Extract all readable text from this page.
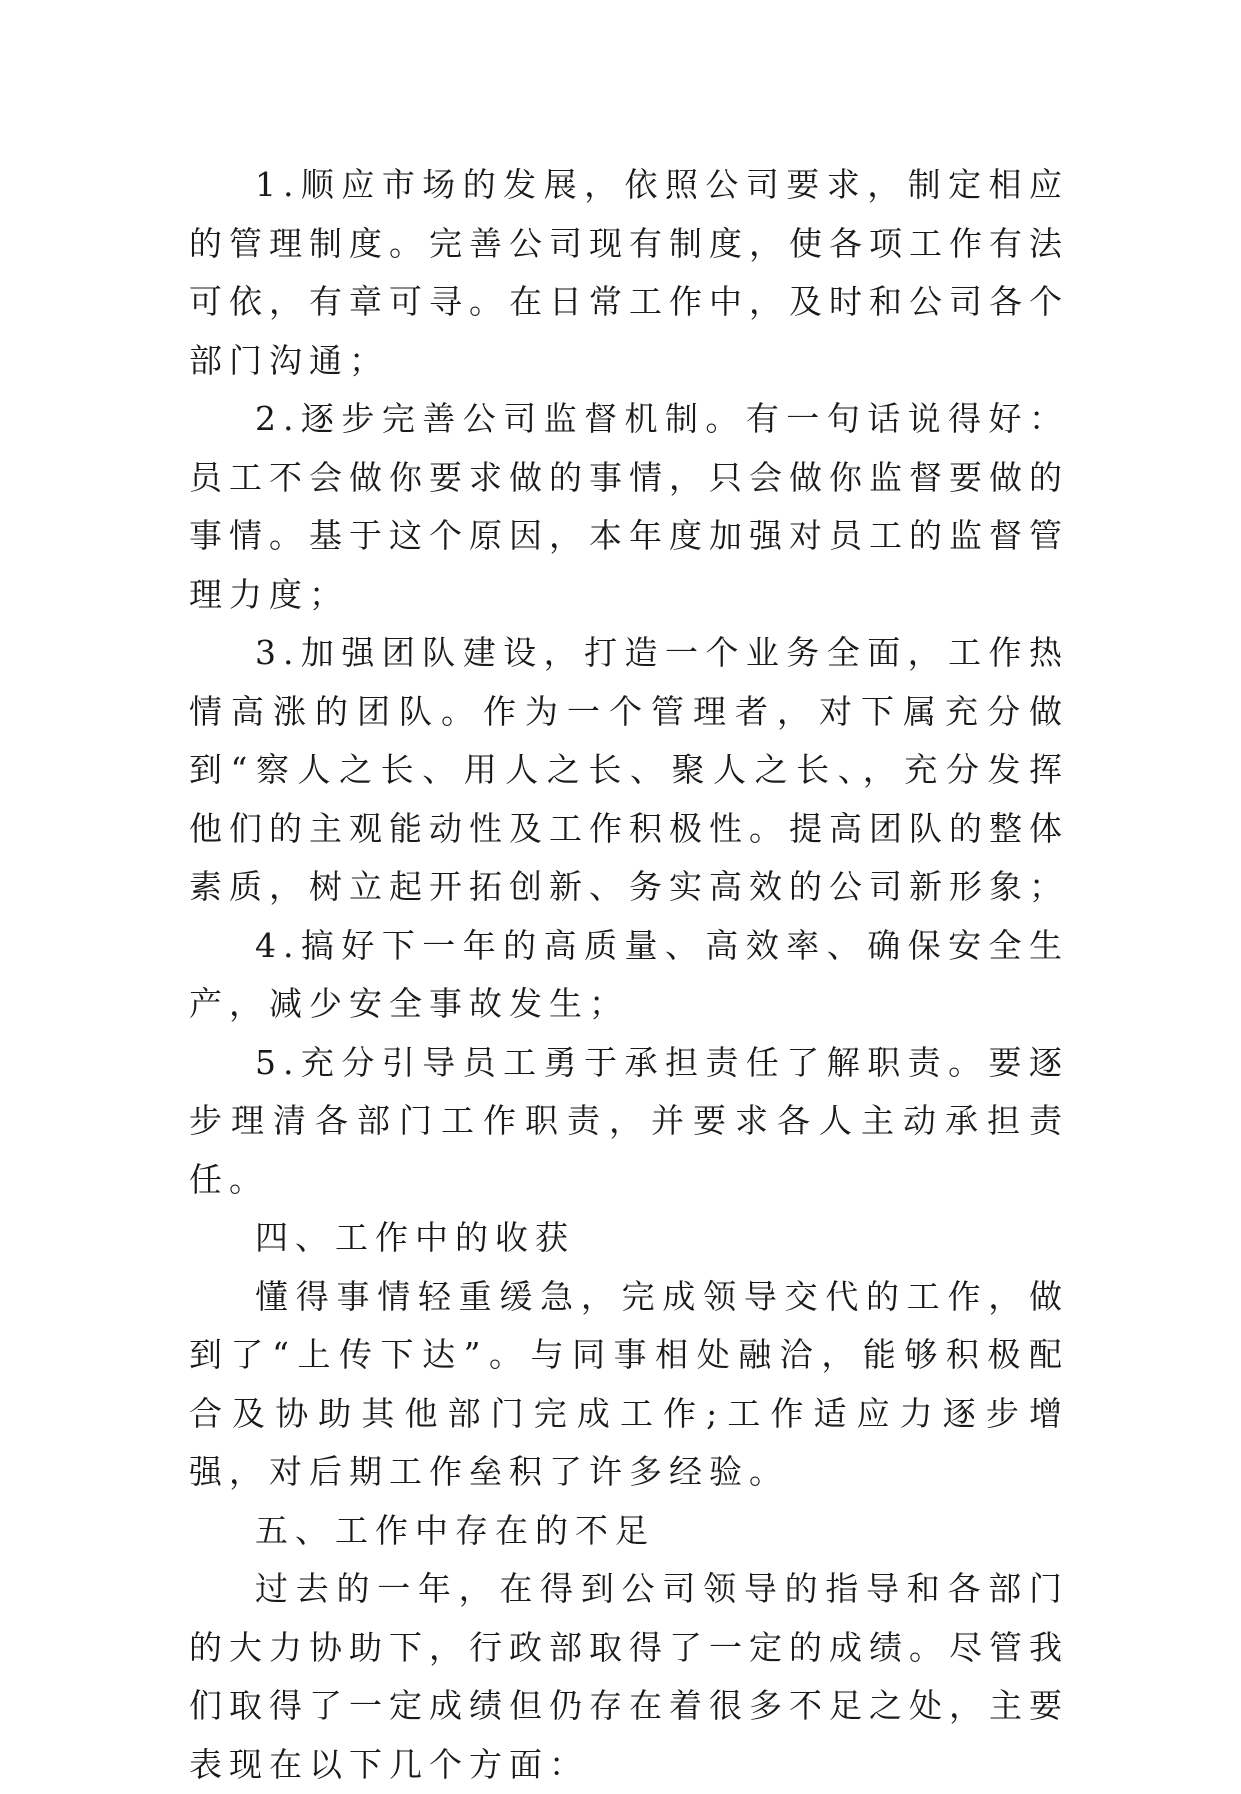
1.顺应市场的发展，依照公司要求，制定相应的管理制度。完善公司现有制度，使各项工作有法可依，有章可寻。在日常工作中，及时和公司各个部门沟通；

2.逐步完善公司监督机制。有一句话说得好：员工不会做你要求做的事情，只会做你监督要做的事情。基于这个原因，本年度加强对员工的监督管理力度；

3.加强团队建设，打造一个业务全面，工作热情高涨的团队。作为一个管理者，对下属充分做到“察人之长、用人之长、聚人之长、，充分发挥他们的主观能动性及工作积极性。提高团队的整体素质，树立起开拓创新、务实高效的公司新形象；

4.搞好下一年的高质量、高效率、确保安全生产，减少安全事故发生；

5.充分引导员工勇于承担责任了解职责。要逐步理清各部门工作职责，并要求各人主动承担责任。

四、工作中的收获

懂得事情轻重缓急，完成领导交代的工作，做到了“上传下达”。与同事相处融洽，能够积极配合及协助其他部门完成工作;工作适应力逐步增强，对后期工作垒积了许多经验。

五、工作中存在的不足

过去的一年，在得到公司领导的指导和各部门的大力协助下，行政部取得了一定的成绩。尽管我们取得了一定成绩但仍存在着很多不足之处，主要表现在以下几个方面：
